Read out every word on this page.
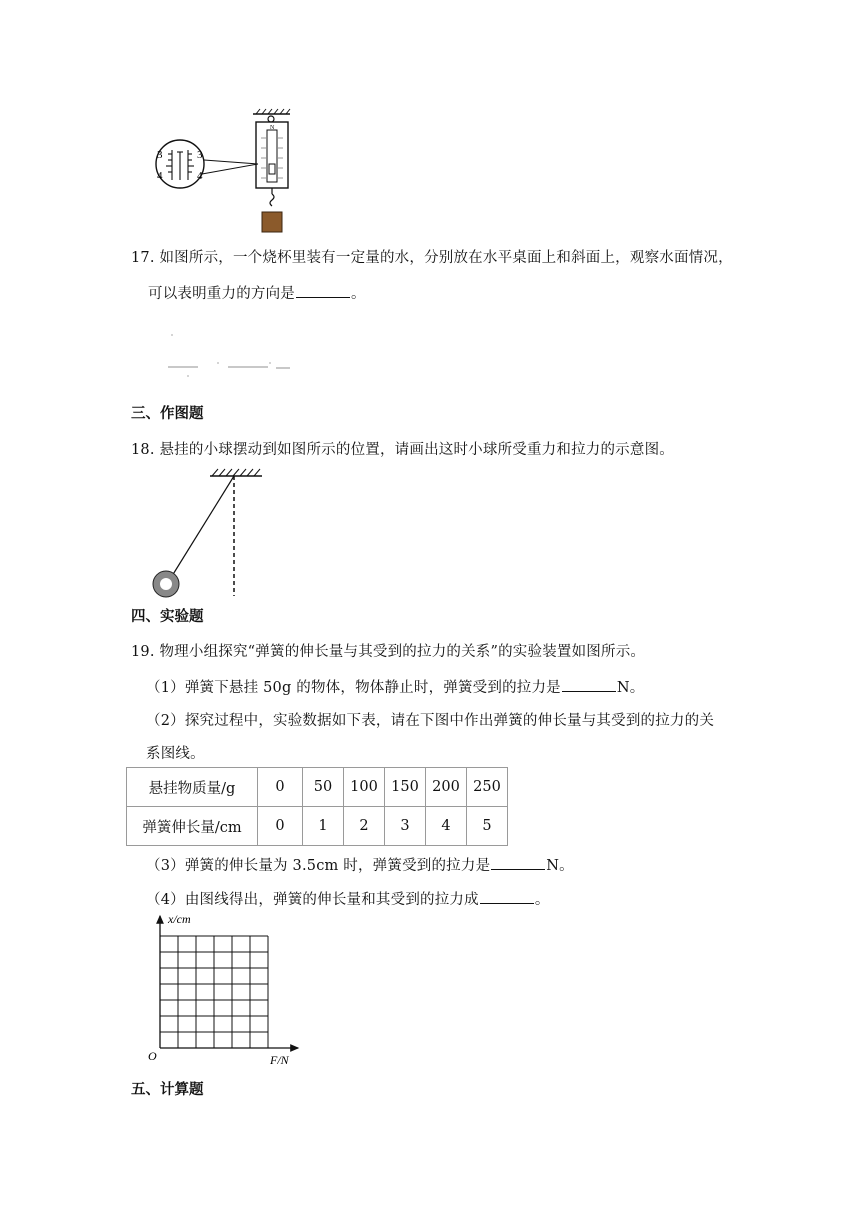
N
3
4
3
4
17. 如图所示，一个烧杯里装有一定量的水，分别放在水平桌面上和斜面上，观察水面情况，
可以表明重力的方向是	。
三、作图题
18. 悬挂的小球摆动到如图所示的位置，请画出这时小球所受重力和拉力的示意图。
四、实验题
19. 物理小组探究“弹簧的伸长量与其受到的拉力的关系”的实验装置如图所示。
（1）弹簧下悬挂 50g 的物体，物体静止时，弹簧受到的拉力是	N。
（2）探究过程中，实验数据如下表，请在下图中作出弹簧的伸长量与其受到的拉力的关
系图线。
悬挂物质量/g	0	50	100	150	200	250
弹簧伸长量/cm	0	1	2	3	4	5
（3）弹簧的伸长量为 3.5cm 时，弹簧受到的拉力是	N。
（4）由图线得出，弹簧的伸长量和其受到的拉力成	。
x/cm
F/N
O
五、计算题
